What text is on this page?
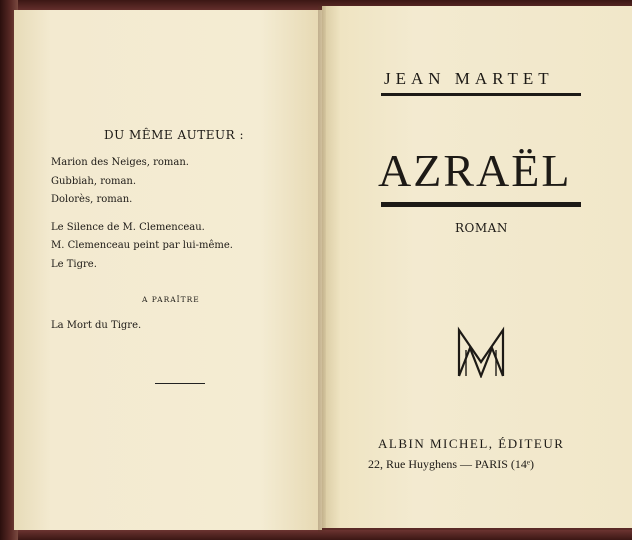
DU MÊME AUTEUR :
Marion des Neiges, roman.
Gubbiah, roman.
Dolorès, roman.
Le Silence de M. Clemenceau.
M. Clemenceau peint par lui-même.
Le Tigre.
A PARAÎTRE
La Mort du Tigre.
JEAN MARTET
AZRAËL
ROMAN
ALBIN MICHEL, ÉDITEUR
22, Rue Huyghens — PARIS (14ᵉ)
